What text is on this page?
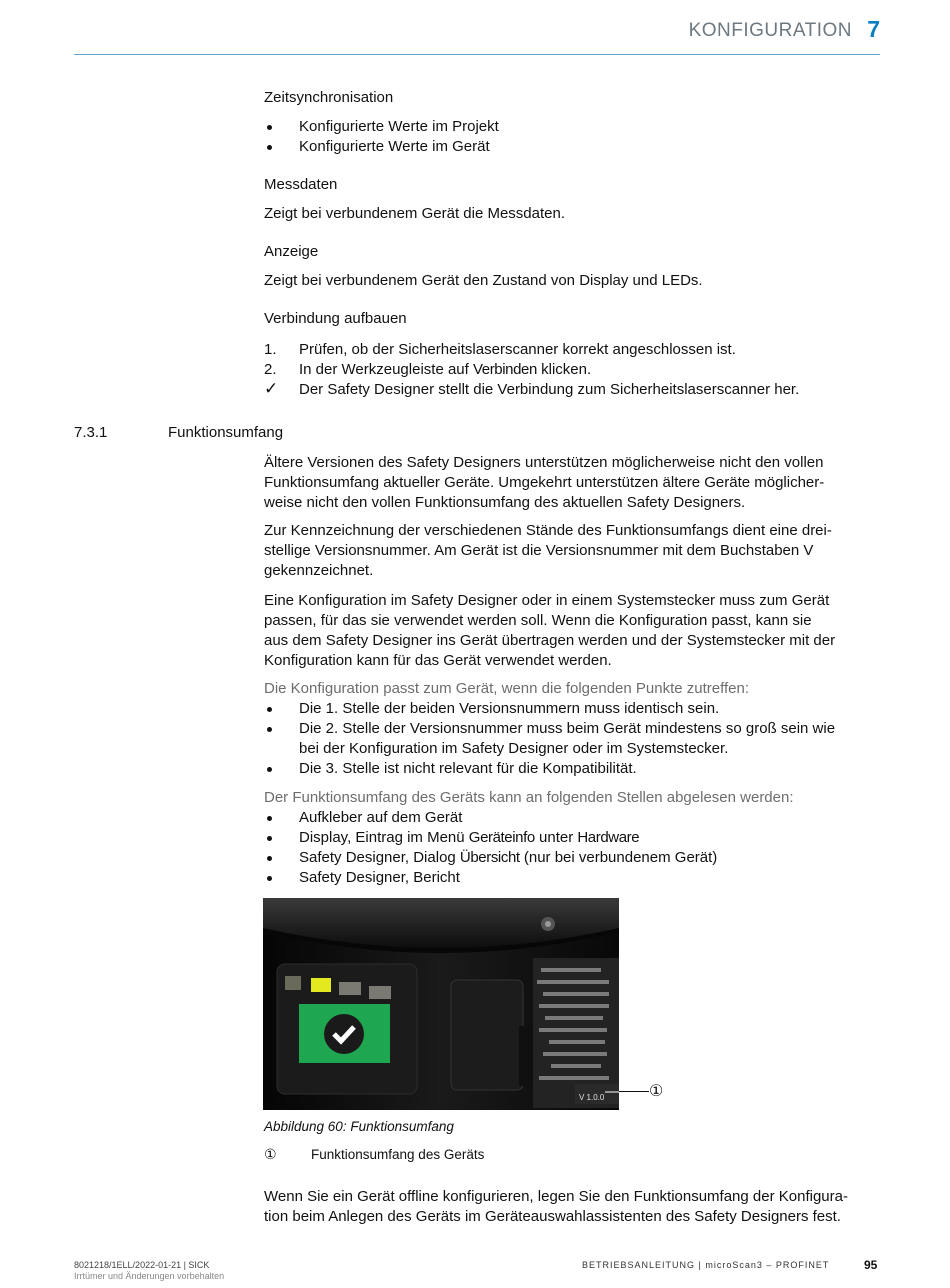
KONFIGURATION 7
Zeitsynchronisation
Konfigurierte Werte im Projekt
Konfigurierte Werte im Gerät
Messdaten
Zeigt bei verbundenem Gerät die Messdaten.
Anzeige
Zeigt bei verbundenem Gerät den Zustand von Display und LEDs.
Verbindung aufbauen
1.	Prüfen, ob der Sicherheitslaserscanner korrekt angeschlossen ist.
2.	In der Werkzeugleiste auf Verbinden klicken.
✓	Der Safety Designer stellt die Verbindung zum Sicherheitslaserscanner her.
7.3.1	Funktionsumfang
Ältere Versionen des Safety Designers unterstützen möglicherweise nicht den vollen
Funktionsumfang aktueller Geräte. Umgekehrt unterstützen ältere Geräte möglicher-
weise nicht den vollen Funktionsumfang des aktuellen Safety Designers.
Zur Kennzeichnung der verschiedenen Stände des Funktionsumfangs dient eine drei-
stellige Versionsnummer. Am Gerät ist die Versionsnummer mit dem Buchstaben V
gekennzeichnet.
Eine Konfiguration im Safety Designer oder in einem Systemstecker muss zum Gerät
passen, für das sie verwendet werden soll. Wenn die Konfiguration passt, kann sie
aus dem Safety Designer ins Gerät übertragen werden und der Systemstecker mit der
Konfiguration kann für das Gerät verwendet werden.
Die Konfiguration passt zum Gerät, wenn die folgenden Punkte zutreffen:
Die 1. Stelle der beiden Versionsnummern muss identisch sein.
Die 2. Stelle der Versionsnummer muss beim Gerät mindestens so groß sein wie
bei der Konfiguration im Safety Designer oder im Systemstecker.
Die 3. Stelle ist nicht relevant für die Kompatibilität.
Der Funktionsumfang des Geräts kann an folgenden Stellen abgelesen werden:
Aufkleber auf dem Gerät
Display, Eintrag im Menü Geräteinfo unter Hardware
Safety Designer, Dialog Übersicht (nur bei verbundenem Gerät)
Safety Designer, Bericht
V 1.0.0	①
Abbildung 60: Funktionsumfang
①	Funktionsumfang des Geräts
Wenn Sie ein Gerät offline konfigurieren, legen Sie den Funktionsumfang der Konfigura-
tion beim Anlegen des Geräts im Geräteauswahlassistenten des Safety Designers fest.
8021218/1ELL/2022-01-21 | SICK
Irrtümer und Änderungen vorbehalten
BETRIEBSANLEITUNG | microScan3 – PROFINET	95
